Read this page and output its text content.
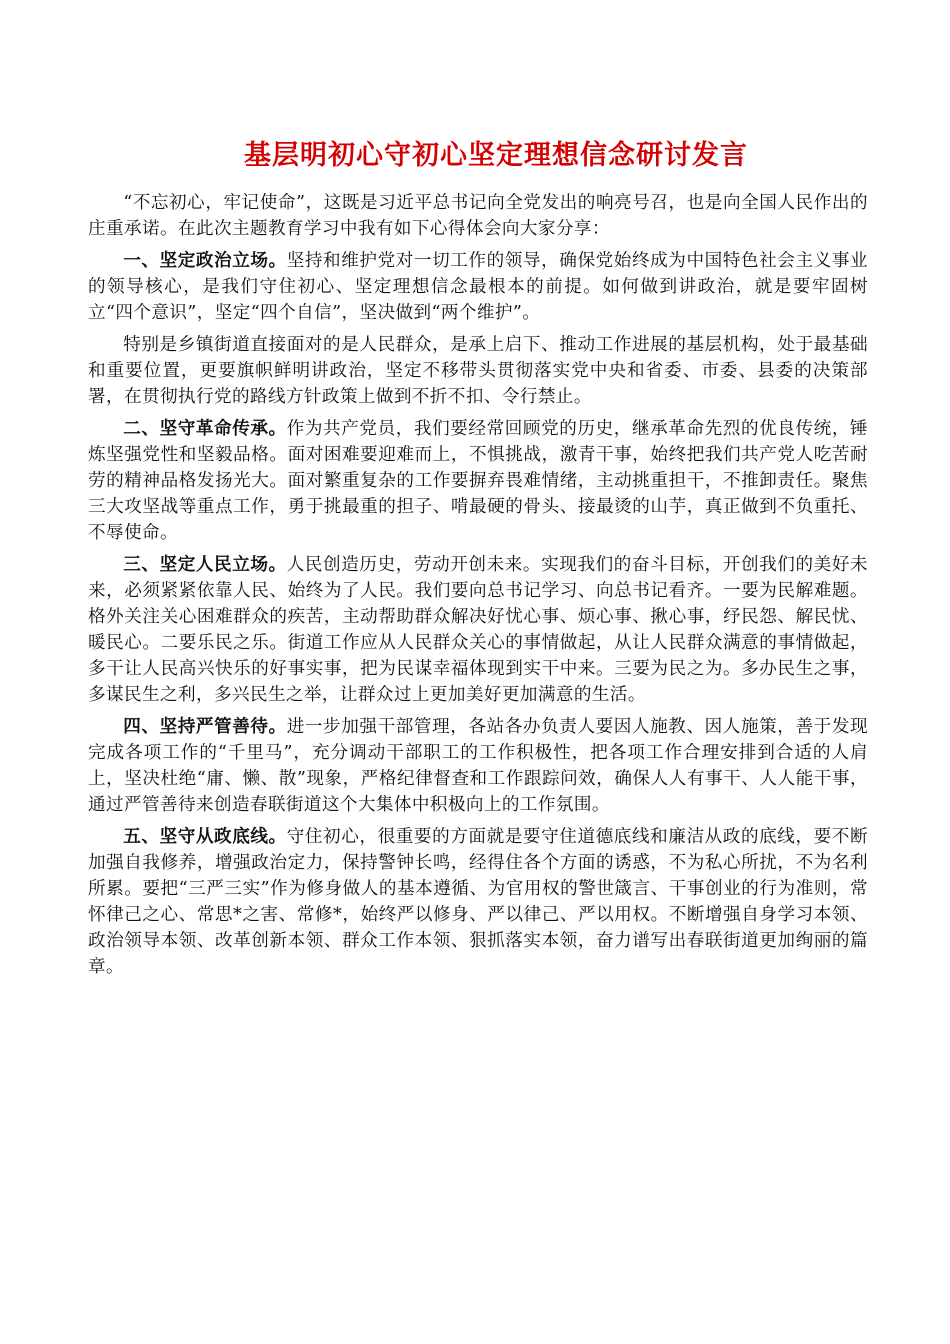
基层明初心守初心坚定理想信念研讨发言

“不忘初心，牢记使命”，这既是习近平总书记向全党发出的响亮号召，也是向全国人民作出的庄重承诺。在此次主题教育学习中我有如下心得体会向大家分享：

一、坚定政治立场。坚持和维护党对一切工作的领导，确保党始终成为中国特色社会主义事业的领导核心，是我们守住初心、坚定理想信念最根本的前提。如何做到讲政治，就是要牢固树立“四个意识”，坚定“四个自信”，坚决做到“两个维护”。

特别是乡镇街道直接面对的是人民群众，是承上启下、推动工作进展的基层机构，处于最基础和重要位置，更要旗帜鲜明讲政治，坚定不移带头贯彻落实党中央和省委、市委、县委的决策部署，在贯彻执行党的路线方针政策上做到不折不扣、令行禁止。

二、坚守革命传承。作为共产党员，我们要经常回顾党的历史，继承革命先烈的优良传统，锤炼坚强党性和坚毅品格。面对困难要迎难而上，不惧挑战，激青干事，始终把我们共产党人吃苦耐劳的精神品格发扬光大。面对繁重复杂的工作要摒弃畏难情绪，主动挑重担干，不推卸责任。聚焦三大攻坚战等重点工作，勇于挑最重的担子、啃最硬的骨头、接最烫的山芋，真正做到不负重托、不辱使命。

三、坚定人民立场。人民创造历史，劳动开创未来。实现我们的奋斗目标，开创我们的美好未来，必须紧紧依靠人民、始终为了人民。我们要向总书记学习、向总书记看齐。一要为民解难题。格外关注关心困难群众的疾苦，主动帮助群众解决好忧心事、烦心事、揪心事，纾民怨、解民忧、暖民心。二要乐民之乐。街道工作应从人民群众关心的事情做起，从让人民群众满意的事情做起，多干让人民高兴快乐的好事实事，把为民谋幸福体现到实干中来。三要为民之为。多办民生之事，多谋民生之利，多兴民生之举，让群众过上更加美好更加满意的生活。

四、坚持严管善待。进一步加强干部管理，各站各办负责人要因人施教、因人施策，善于发现完成各项工作的“千里马”，充分调动干部职工的工作积极性，把各项工作合理安排到合适的人肩上，坚决杜绝“庸、懒、散”现象，严格纪律督查和工作跟踪问效，确保人人有事干、人人能干事，通过严管善待来创造春联街道这个大集体中积极向上的工作氛围。

五、坚守从政底线。守住初心，很重要的方面就是要守住道德底线和廉洁从政的底线，要不断加强自我修养，增强政治定力，保持警钟长鸣，经得住各个方面的诱惑，不为私心所扰，不为名利所累。要把“三严三实”作为修身做人的基本遵循、为官用权的警世箴言、干事创业的行为准则，常怀律己之心、常思*之害、常修*，始终严以修身、严以律己、严以用权。不断增强自身学习本领、政治领导本领、改革创新本领、群众工作本领、狠抓落实本领，奋力谱写出春联街道更加绚丽的篇章。
